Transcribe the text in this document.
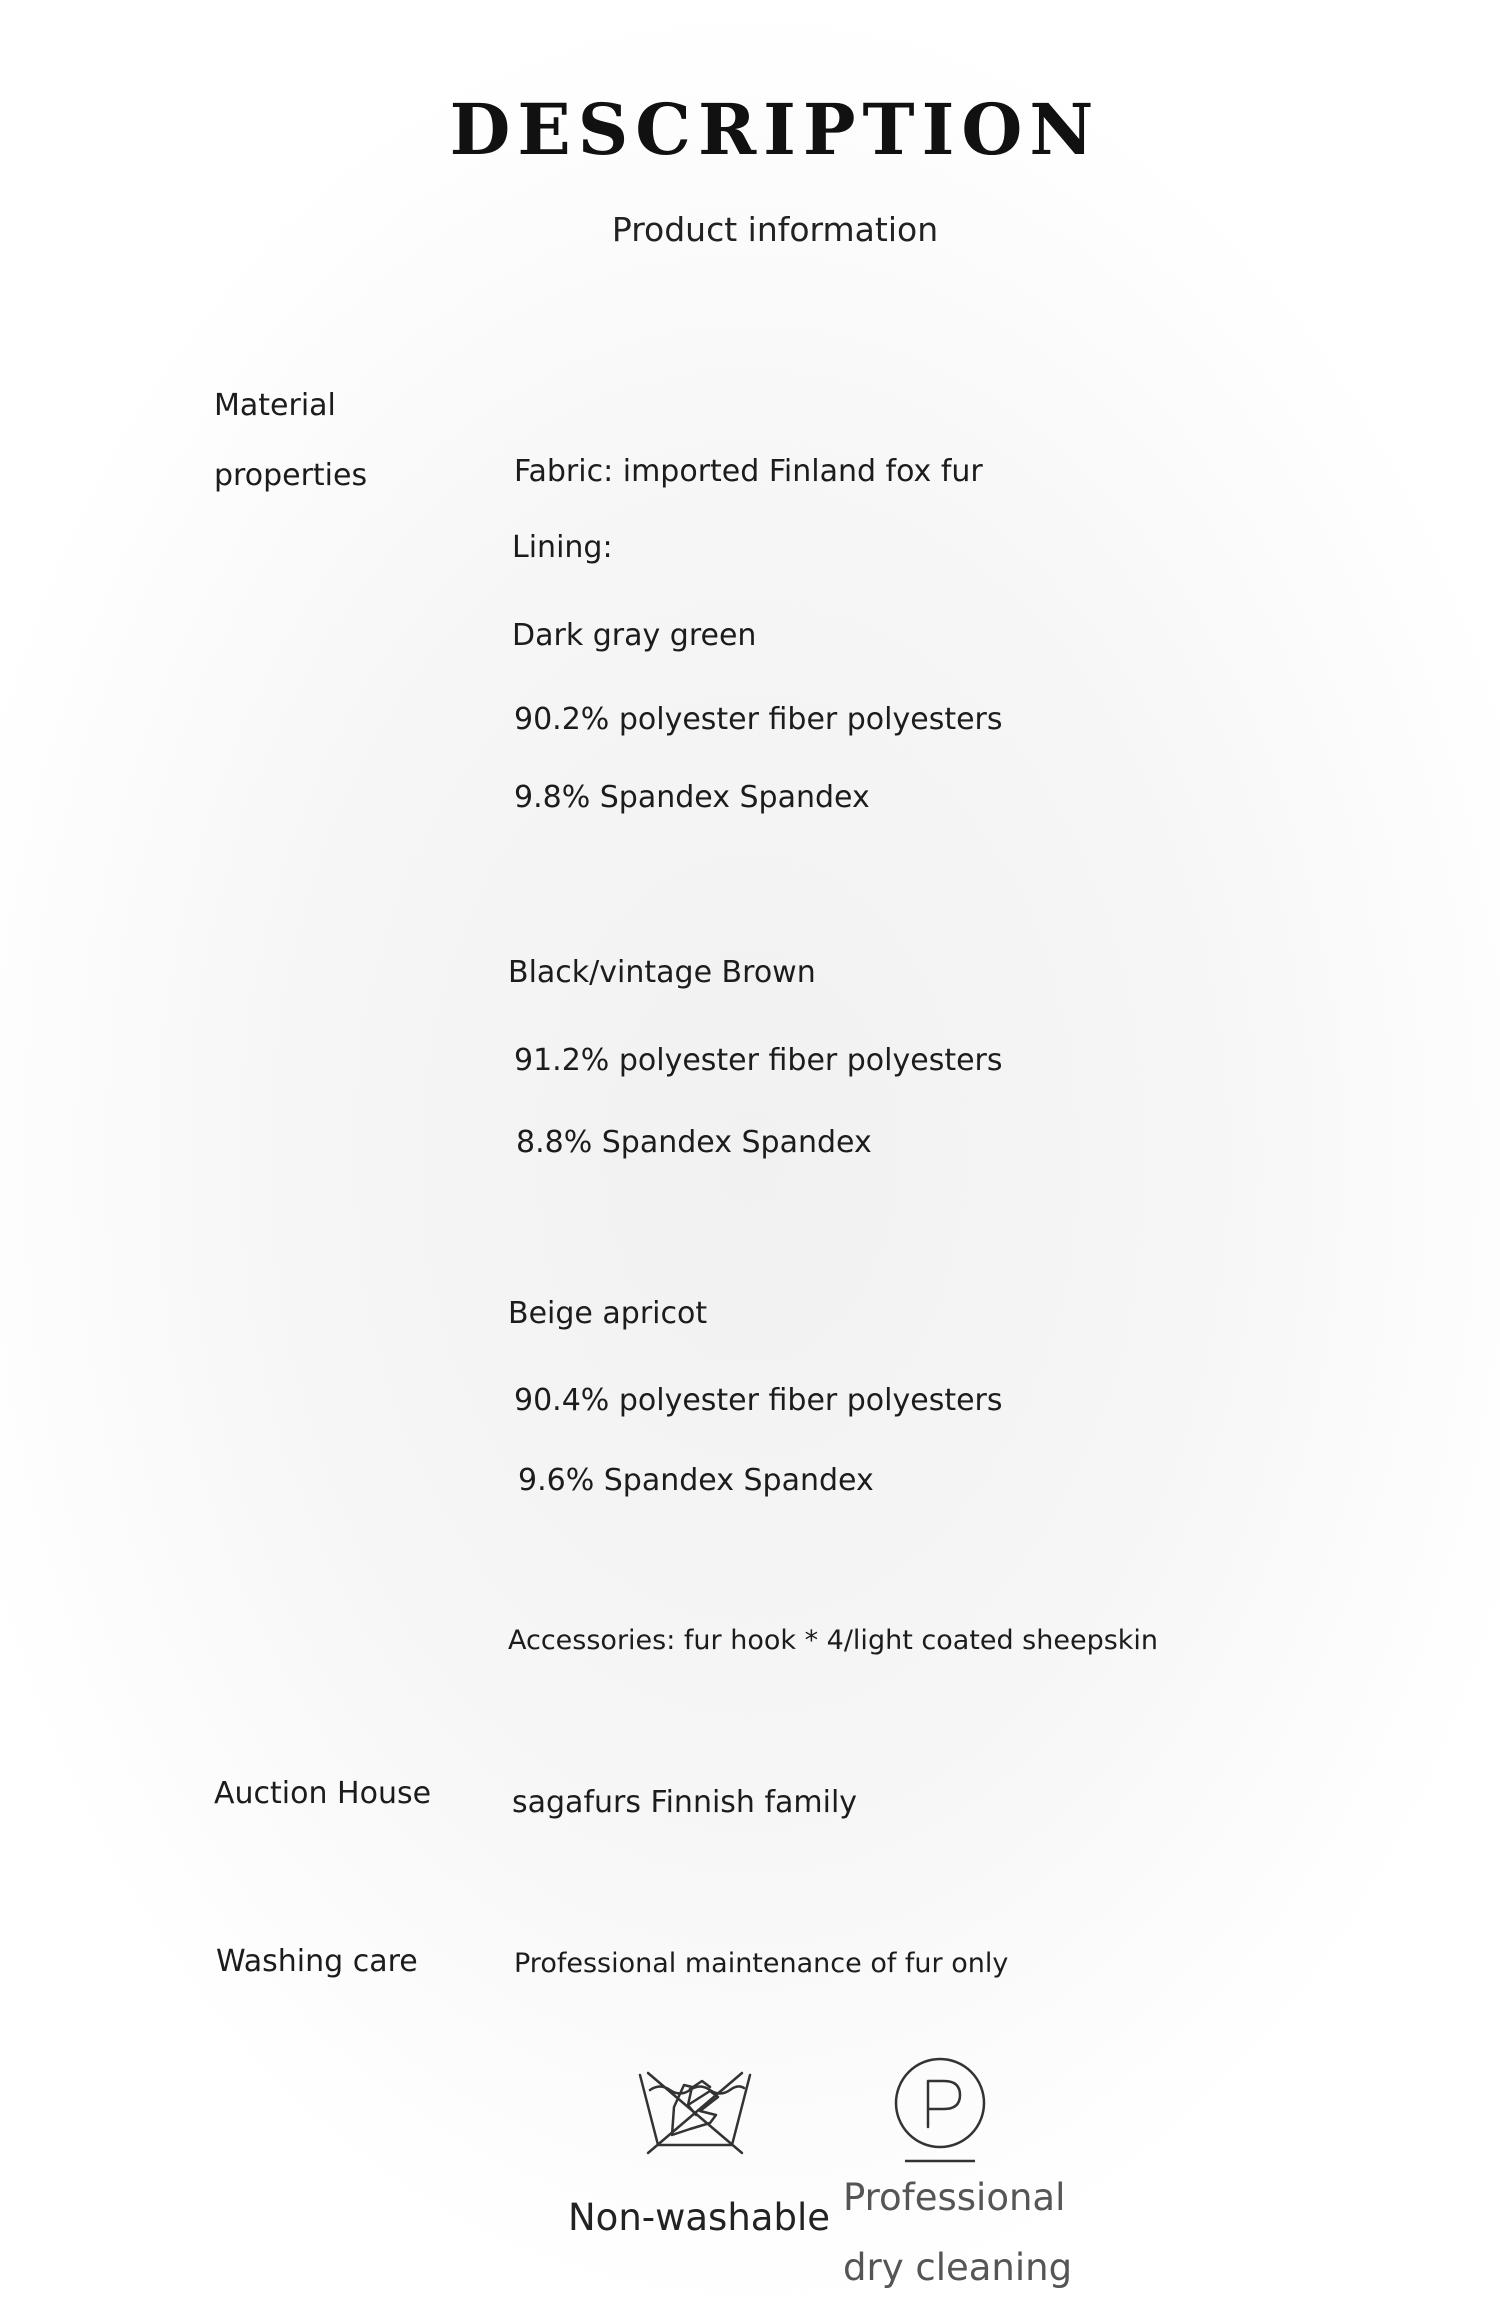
DESCRIPTION
Product information
Material
properties	Fabric: imported Finland fox fur
Lining:
Dark gray green
90.2% polyester fiber polyesters
9.8% Spandex Spandex
Black/vintage Brown
91.2% polyester fiber polyesters
8.8% Spandex Spandex
Beige apricot
90.4% polyester fiber polyesters
9.6% Spandex Spandex
Accessories: fur hook * 4/light coated sheepskin
Auction House	sagafurs Finnish family
Washing care	Professional maintenance of fur only
Non-washable Professional
dry cleaning
